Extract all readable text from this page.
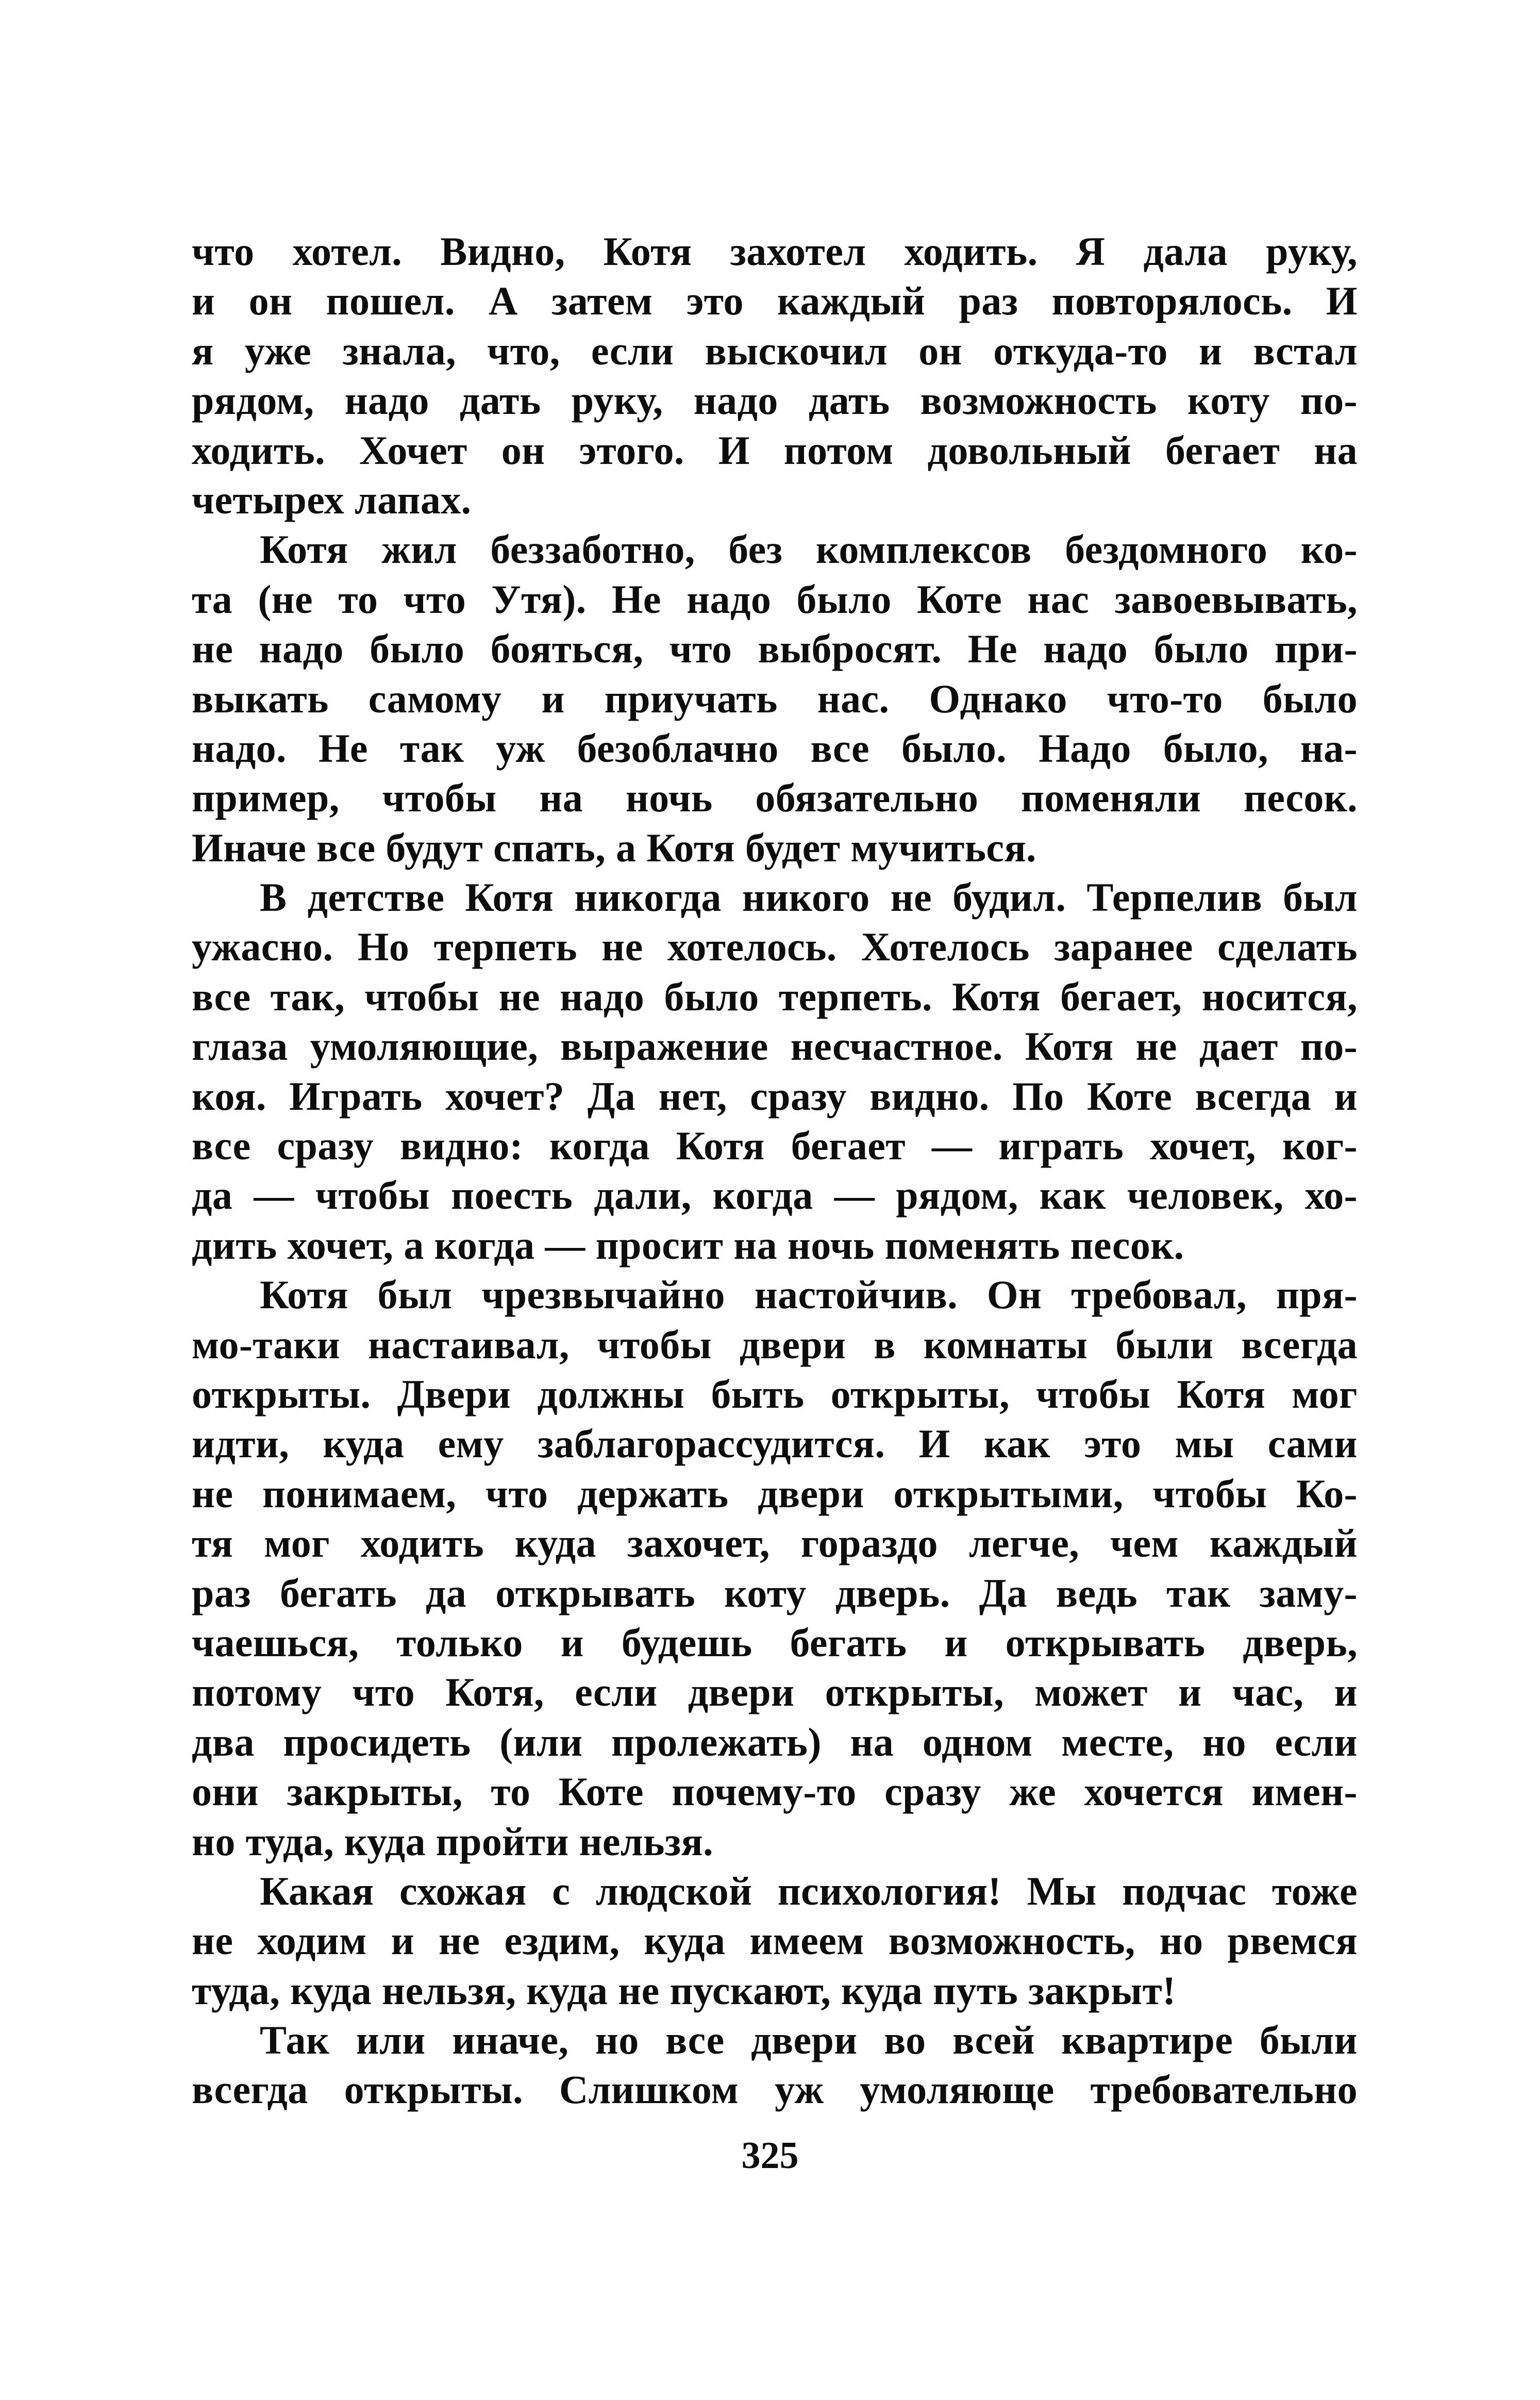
что хотел. Видно, Котя захотел ходить. Я дала руку,
и он пошел. А затем это каждый раз повторялось. И
я уже знала, что, если выскочил он откуда-то и встал
рядом, надо дать руку, надо дать возможность коту по-
ходить. Хочет он этого. И потом довольный бегает на
четырех лапах.
Котя жил беззаботно, без комплексов бездомного ко-
та (не то что Утя). Не надо было Коте нас завоевывать,
не надо было бояться, что выбросят. Не надо было при-
выкать самому и приучать нас. Однако что-то было
надо. Не так уж безоблачно все было. Надо было, на-
пример, чтобы на ночь обязательно поменяли песок.
Иначе все будут спать, а Котя будет мучиться.
В детстве Котя никогда никого не будил. Терпелив был
ужасно. Но терпеть не хотелось. Хотелось заранее сделать
все так, чтобы не надо было терпеть. Котя бегает, носится,
глаза умоляющие, выражение несчастное. Котя не дает по-
коя. Играть хочет? Да нет, сразу видно. По Коте всегда и
все сразу видно: когда Котя бегает — играть хочет, ког-
да — чтобы поесть дали, когда — рядом, как человек, хо-
дить хочет, а когда — просит на ночь поменять песок.
Котя был чрезвычайно настойчив. Он требовал, пря-
мо-таки настаивал, чтобы двери в комнаты были всегда
открыты. Двери должны быть открыты, чтобы Котя мог
идти, куда ему заблагорассудится. И как это мы сами
не понимаем, что держать двери открытыми, чтобы Ко-
тя мог ходить куда захочет, гораздо легче, чем каждый
раз бегать да открывать коту дверь. Да ведь так заму-
чаешься, только и будешь бегать и открывать дверь,
потому что Котя, если двери открыты, может и час, и
два просидеть (или пролежать) на одном месте, но если
они закрыты, то Коте почему-то сразу же хочется имен-
но туда, куда пройти нельзя.
Какая схожая с людской психология! Мы подчас тоже
не ходим и не ездим, куда имеем возможность, но рвемся
туда, куда нельзя, куда не пускают, куда путь закрыт!
Так или иначе, но все двери во всей квартире были
всегда открыты. Слишком уж умоляюще требовательно
325
